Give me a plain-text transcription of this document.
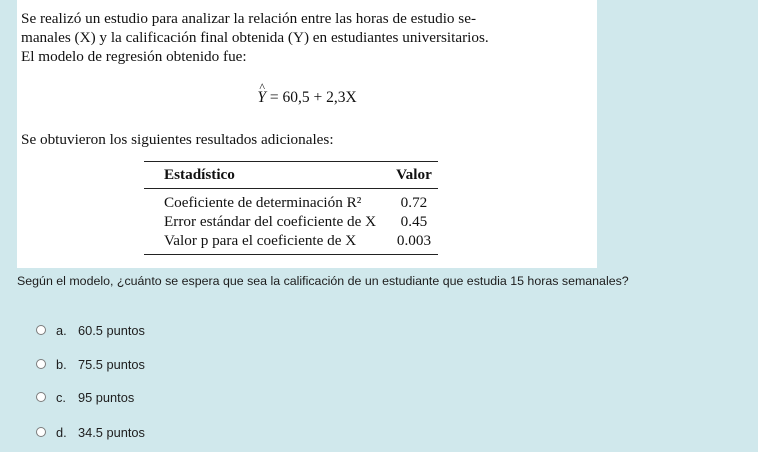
Se realizó un estudio para analizar la relación entre las horas de estudio se-
manales (X) y la calificación final obtenida (Y) en estudiantes universitarios.
El modelo de regresión obtenido fue:
^ Y = 60,5 + 2,3X
Se obtuvieron los siguientes resultados adicionales:
Estadístico	Valor
Coeficiente de determinación R²	0.72
Error estándar del coeficiente de X	0.45
Valor p para el coeficiente de X	0.003
Según el modelo, ¿cuánto se espera que sea la calificación de un estudiante que estudia 15 horas semanales?
a. 60.5 puntos
b. 75.5 puntos
c. 95 puntos
d. 34.5 puntos
